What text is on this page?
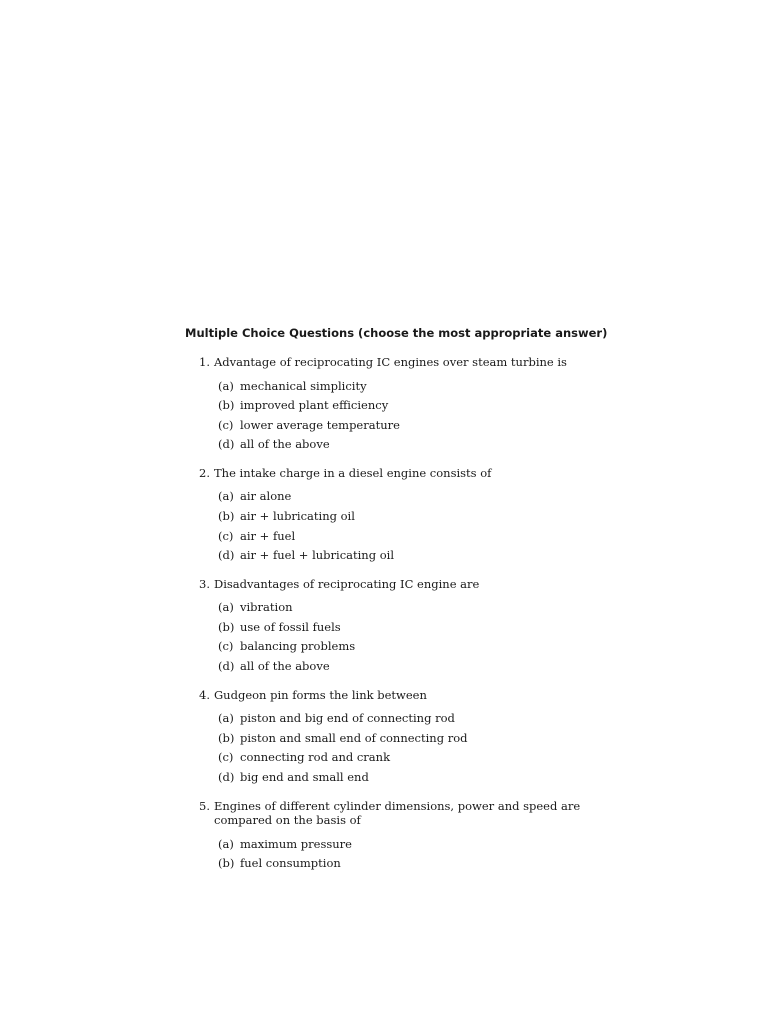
Multiple Choice Questions (choose the most appropriate answer)
1. Advantage of reciprocating IC engines over steam turbine is
(a) mechanical simplicity
(b) improved plant efficiency
(c) lower average temperature
(d) all of the above
2. The intake charge in a diesel engine consists of
(a) air alone
(b) air + lubricating oil
(c) air + fuel
(d) air + fuel + lubricating oil
3. Disadvantages of reciprocating IC engine are
(a) vibration
(b) use of fossil fuels
(c) balancing problems
(d) all of the above
4. Gudgeon pin forms the link between
(a) piston and big end of connecting rod
(b) piston and small end of connecting rod
(c) connecting rod and crank
(d) big end and small end
5. Engines of different cylinder dimensions, power and speed are compared on the basis of
(a) maximum pressure
(b) fuel consumption
